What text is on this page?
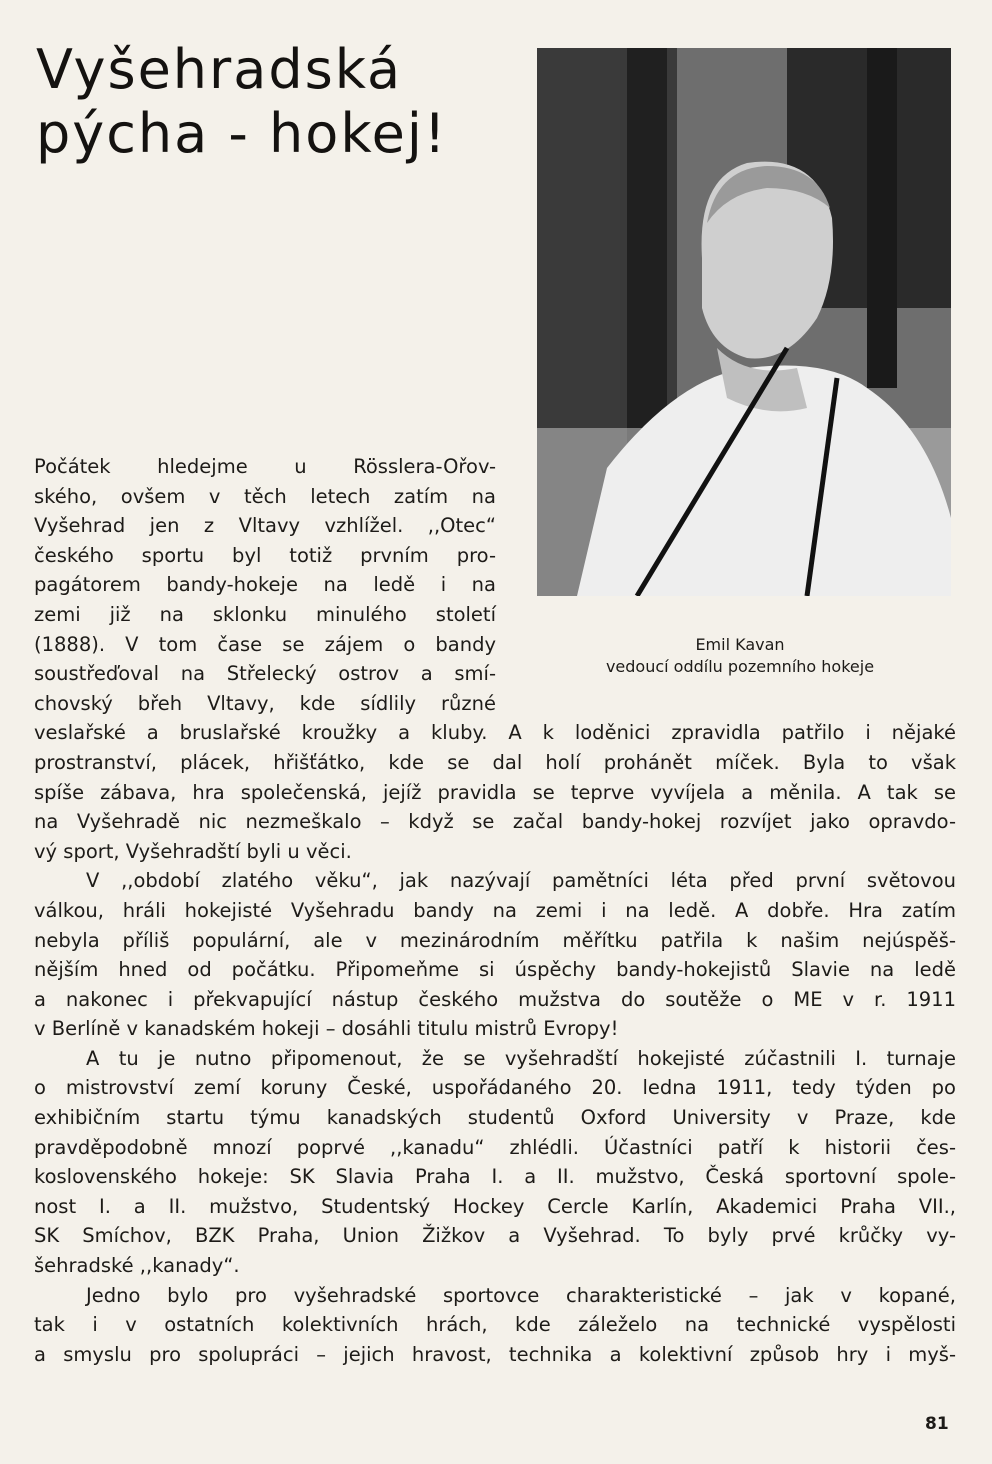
Vyšehradská
pýcha - hokej!
Emil Kavan
vedoucí oddílu pozemního hokeje
Počátek hledejme u Rösslera-Ořov-
ského, ovšem v těch letech zatím na
Vyšehrad jen z Vltavy vzhlížel. ,,Otec“
českého sportu byl totiž prvním pro-
pagátorem bandy-hokeje na ledě i na
zemi již na sklonku minulého století
(1888). V tom čase se zájem o bandy
soustřeďoval na Střelecký ostrov a smí-
chovský břeh Vltavy, kde sídlily různé
veslařské a bruslařské kroužky a kluby. A k loděnici zpravidla patřilo i nějaké
prostranství, plácek, hřišťátko, kde se dal holí prohánět míček. Byla to však
spíše zábava, hra společenská, jejíž pravidla se teprve vyvíjela a měnila. A tak se
na Vyšehradě nic nezmeškalo – když se začal bandy-hokej rozvíjet jako opravdo-
vý sport, Vyšehradští byli u věci.
V ,,období zlatého věku“, jak nazývají pamětníci léta před první světovou
válkou, hráli hokejisté Vyšehradu bandy na zemi i na ledě. A dobře. Hra zatím
nebyla příliš populární, ale v mezinárodním měřítku patřila k našim nejúspěš-
nějším hned od počátku. Připomeňme si úspěchy bandy-hokejistů Slavie na ledě
a nakonec i překvapující nástup českého mužstva do soutěže o ME v r. 1911
v Berlíně v kanadském hokeji – dosáhli titulu mistrů Evropy!
A tu je nutno připomenout, že se vyšehradští hokejisté zúčastnili I. turnaje
o mistrovství zemí koruny České, uspořádaného 20. ledna 1911, tedy týden po
exhibičním startu týmu kanadských studentů Oxford University v Praze, kde
pravděpodobně mnozí poprvé ,,kanadu“ zhlédli. Účastníci patří k historii čes-
koslovenského hokeje: SK Slavia Praha I. a II. mužstvo, Česká sportovní spole-
nost I. a II. mužstvo, Studentský Hockey Cercle Karlín, Akademici Praha VII.,
SK Smíchov, BZK Praha, Union Žižkov a Vyšehrad. To byly prvé krůčky vy-
šehradské ,,kanady“.
Jedno bylo pro vyšehradské sportovce charakteristické – jak v kopané,
tak i v ostatních kolektivních hrách, kde záleželo na technické vyspělosti
a smyslu pro spolupráci – jejich hravost, technika a kolektivní způsob hry i myš-
81
